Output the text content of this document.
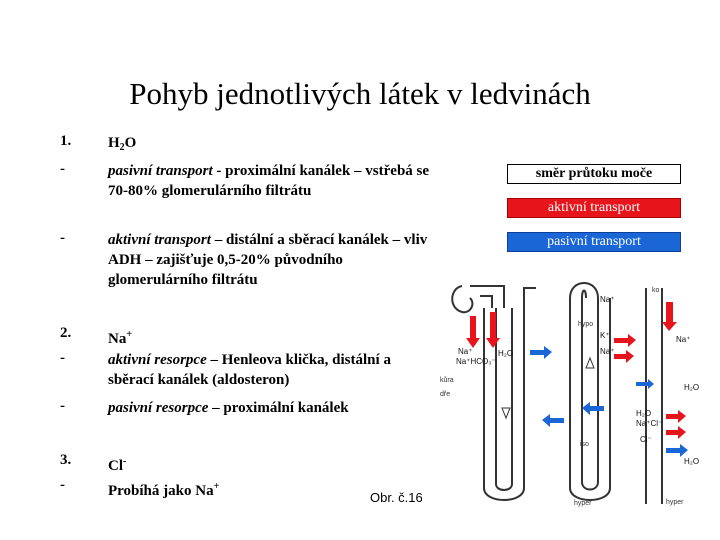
Pohyb jednotlivých látek v ledvinách
1. $H_2O$
-	pasivní transport - proximální kanálek – vstřebá se 70-80% glomerulárního filtrátu
-	aktivní transport – distální a sběrací kanálek – vliv ADH – zajišťuje 0,5-20% původního glomerulárního filtrátu
2. Na+
-	aktivní resorpce – Henleova klička, distální a sběrací kanálek (aldosteron)
-	pasivní resorpce – proximální kanálek
3. Cl-
-	Probíhá jako Na+
Obr. č.16
směr průtoku moče
aktivní transport
pasivní transport
ko
kůra
dře
hypo
iso
hyper	hyper
Na⁺
Na⁺HCO₃⁻
H₂O
Na⁺
K⁺
Na⁺
H₂O
Na⁺Cl⁻
Cl⁻
H₂O
H₂O
Na⁺
